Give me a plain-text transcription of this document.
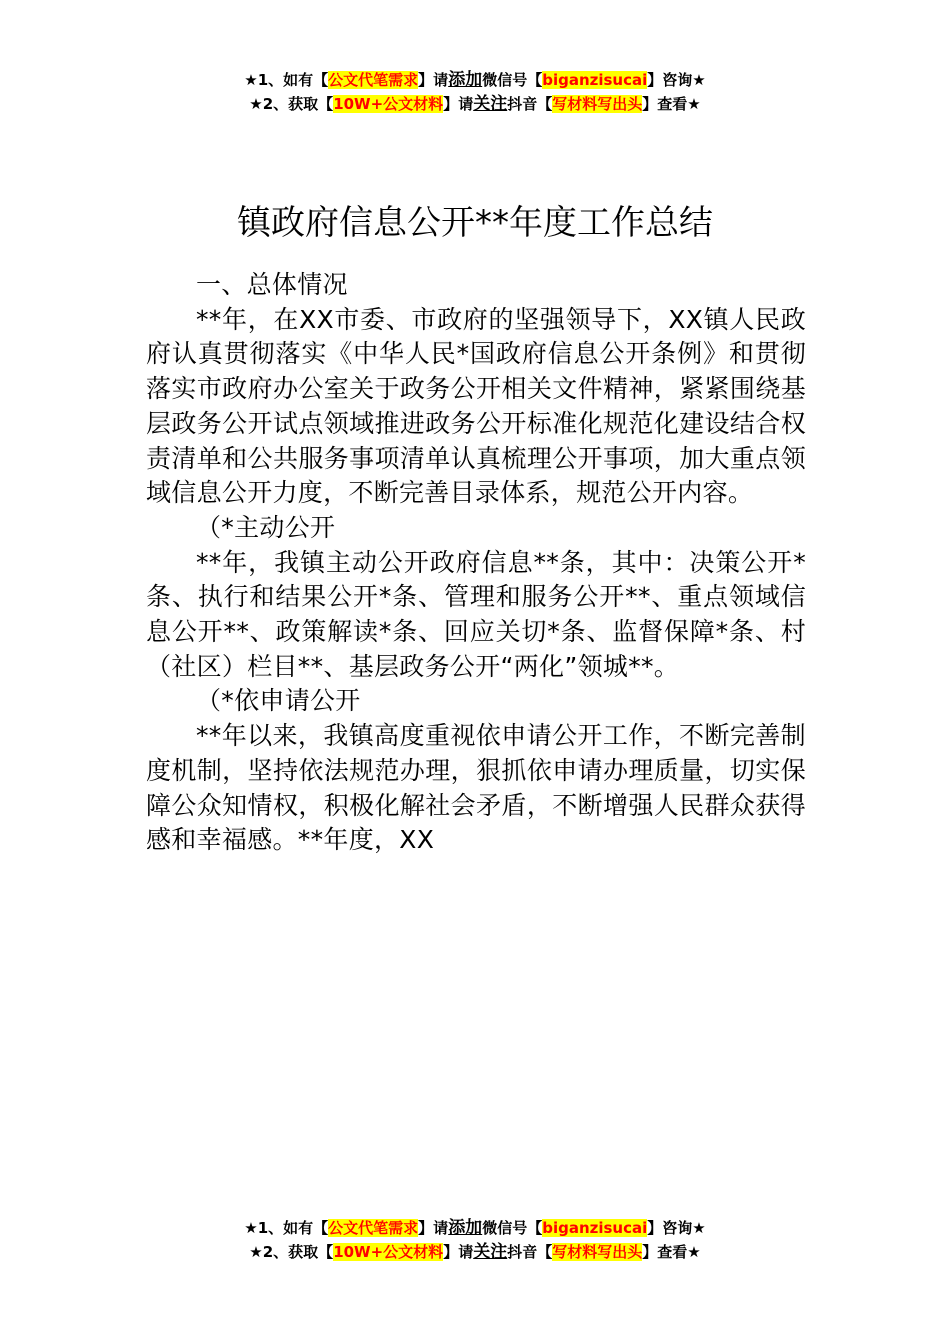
★1、如有【公文代笔需求】请添加微信号【biganzisucai】咨询★
★2、获取【10W+公文材料】请关注抖音【写材料写出头】查看★
镇政府信息公开**年度工作总结

一、总体情况

**年，在XX市委、市政府的坚强领导下，XX镇人民政府认真贯彻落实《中华人民*国政府信息公开条例》和贯彻落实市政府办公室关于政务公开相关文件精神，紧紧围绕基层政务公开试点领域推进政务公开标准化规范化建设结合权责清单和公共服务事项清单认真梳理公开事项，加大重点领域信息公开力度，不断完善目录体系，规范公开内容。

（*主动公开

**年，我镇主动公开政府信息**条，其中：决策公开*条、执行和结果公开*条、管理和服务公开**、重点领域信息公开**、政策解读*条、回应关切*条、监督保障*条、村（社区）栏目**、基层政务公开“两化”领城**。

（*依申请公开

**年以来，我镇高度重视依申请公开工作，不断完善制度机制，坚持依法规范办理，狠抓依申请办理质量，切实保障公众知情权，积极化解社会矛盾，不断增强人民群众获得感和幸福感。**年度，XX

★1、如有【公文代笔需求】请添加微信号【biganzisucai】咨询★
★2、获取【10W+公文材料】请关注抖音【写材料写出头】查看★
